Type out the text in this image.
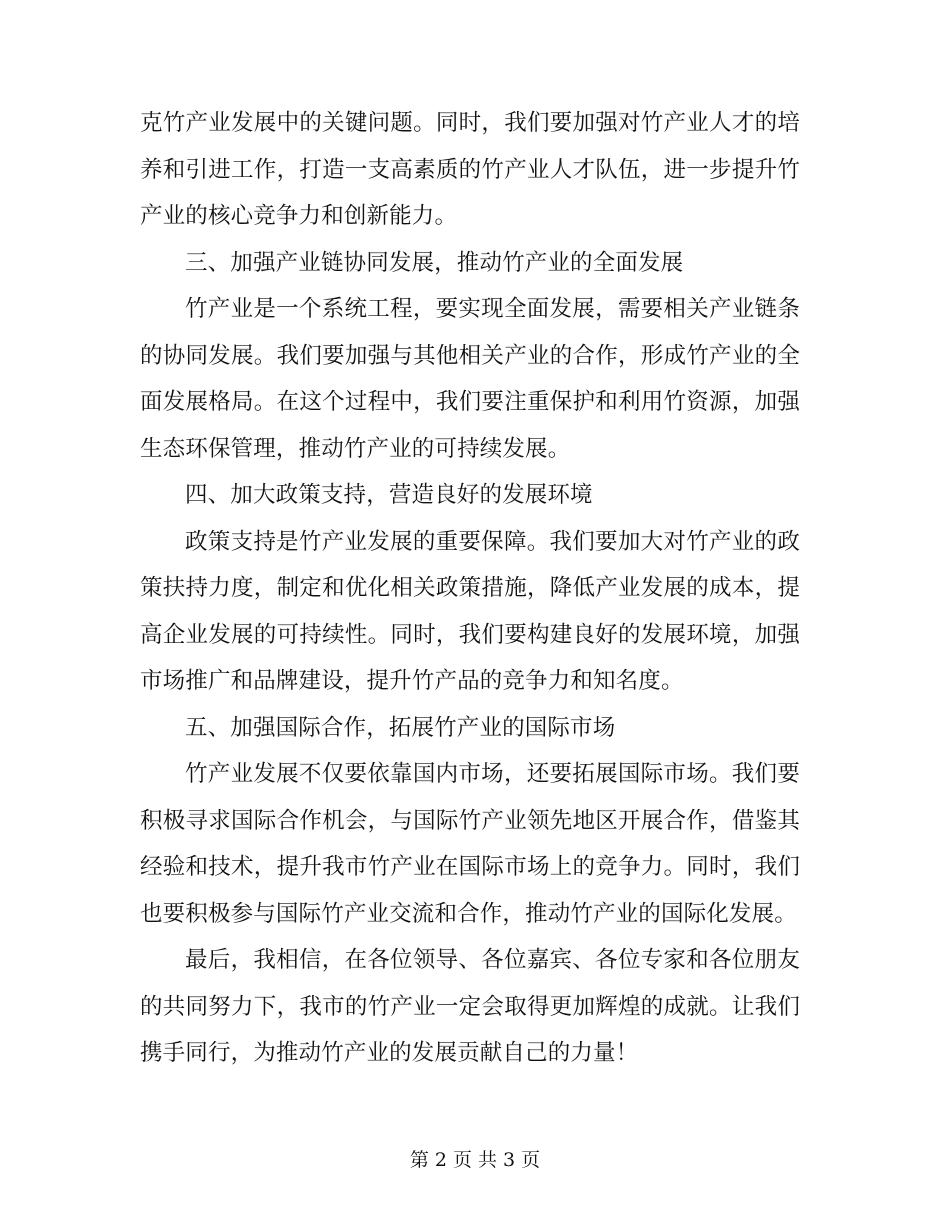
克竹产业发展中的关键问题。同时，我们要加强对竹产业人才的培养和引进工作，打造一支高素质的竹产业人才队伍，进一步提升竹产业的核心竞争力和创新能力。

三、加强产业链协同发展，推动竹产业的全面发展

竹产业是一个系统工程，要实现全面发展，需要相关产业链条的协同发展。我们要加强与其他相关产业的合作，形成竹产业的全面发展格局。在这个过程中，我们要注重保护和利用竹资源，加强生态环保管理，推动竹产业的可持续发展。

四、加大政策支持，营造良好的发展环境

政策支持是竹产业发展的重要保障。我们要加大对竹产业的政策扶持力度，制定和优化相关政策措施，降低产业发展的成本，提高企业发展的可持续性。同时，我们要构建良好的发展环境，加强市场推广和品牌建设，提升竹产品的竞争力和知名度。

五、加强国际合作，拓展竹产业的国际市场

竹产业发展不仅要依靠国内市场，还要拓展国际市场。我们要积极寻求国际合作机会，与国际竹产业领先地区开展合作，借鉴其经验和技术，提升我市竹产业在国际市场上的竞争力。同时，我们也要积极参与国际竹产业交流和合作，推动竹产业的国际化发展。

最后，我相信，在各位领导、各位嘉宾、各位专家和各位朋友的共同努力下，我市的竹产业一定会取得更加辉煌的成就。让我们携手同行，为推动竹产业的发展贡献自己的力量！

第 2 页 共 3 页
